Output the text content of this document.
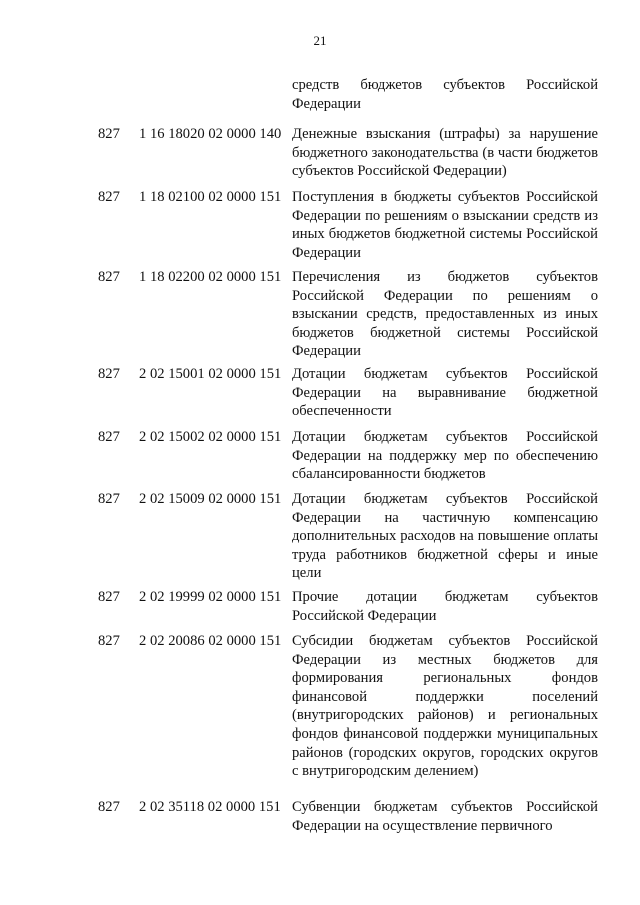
21
средств бюджетов субъектов Российской Федерации
827 1 16 18020 02 0000 140 Денежные взыскания (штрафы) за нарушение бюджетного законодательства (в части бюджетов субъектов Российской Федерации)
827 1 18 02100 02 0000 151 Поступления в бюджеты субъектов Российской Федерации по решениям о взыскании средств из иных бюджетов бюджетной системы Российской Федерации
827 1 18 02200 02 0000 151 Перечисления из бюджетов субъектов Российской Федерации по решениям о взыскании средств, предоставленных из иных бюджетов бюджетной системы Российской Федерации
827 2 02 15001 02 0000 151 Дотации бюджетам субъектов Российской Федерации на выравнивание бюджетной обеспеченности
827 2 02 15002 02 0000 151 Дотации бюджетам субъектов Российской Федерации на поддержку мер по обеспечению сбалансированности бюджетов
827 2 02 15009 02 0000 151 Дотации бюджетам субъектов Российской Федерации на частичную компенсацию дополнительных расходов на повышение оплаты труда работников бюджетной сферы и иные цели
827 2 02 19999 02 0000 151 Прочие дотации бюджетам субъектов Российской Федерации
827 2 02 20086 02 0000 151 Субсидии бюджетам субъектов Российской Федерации из местных бюджетов для формирования региональных фондов финансовой поддержки поселений (внутригородских районов) и региональных фондов финансовой поддержки муниципальных районов (городских округов, городских округов с внутригородским делением)
827 2 02 35118 02 0000 151 Субвенции бюджетам субъектов Российской Федерации на осуществление первичного
